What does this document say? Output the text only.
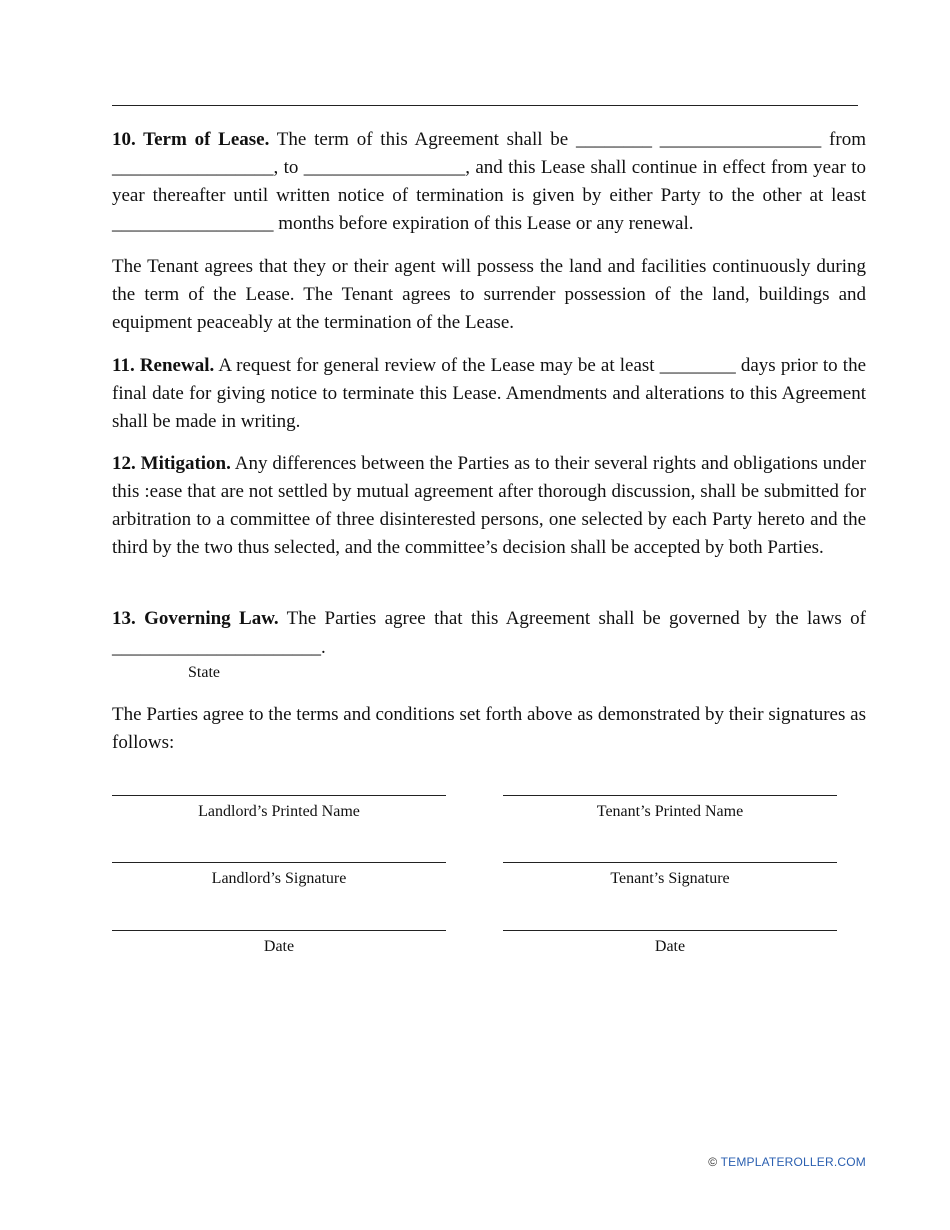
10. Term of Lease. The term of this Agreement shall be ________ _________________ from _________________, to _________________, and this Lease shall continue in effect from year to year thereafter until written notice of termination is given by either Party to the other at least _________________ months before expiration of this Lease or any renewal.

The Tenant agrees that they or their agent will possess the land and facilities continuously during the term of the Lease. The Tenant agrees to surrender possession of the land, buildings and equipment peaceably at the termination of the Lease.

11. Renewal. A request for general review of the Lease may be at least ________ days prior to the final date for giving notice to terminate this Lease. Amendments and alterations to this Agreement shall be made in writing.

12. Mitigation. Any differences between the Parties as to their several rights and obligations under this :ease that are not settled by mutual agreement after thorough discussion, shall be submitted for arbitration to a committee of three disinterested persons, one selected by each Party hereto and the third by the two thus selected, and the committee’s decision shall be accepted by both Parties.

13. Governing Law. The Parties agree that this Agreement shall be governed by the laws of

______________________.

State

The Parties agree to the terms and conditions set forth above as demonstrated by their signatures as follows:

Landlord’s Printed Name	Tenant’s Printed Name
Landlord’s Signature	Tenant’s Signature
Date	Date
© TEMPLATEROLLER.COM
